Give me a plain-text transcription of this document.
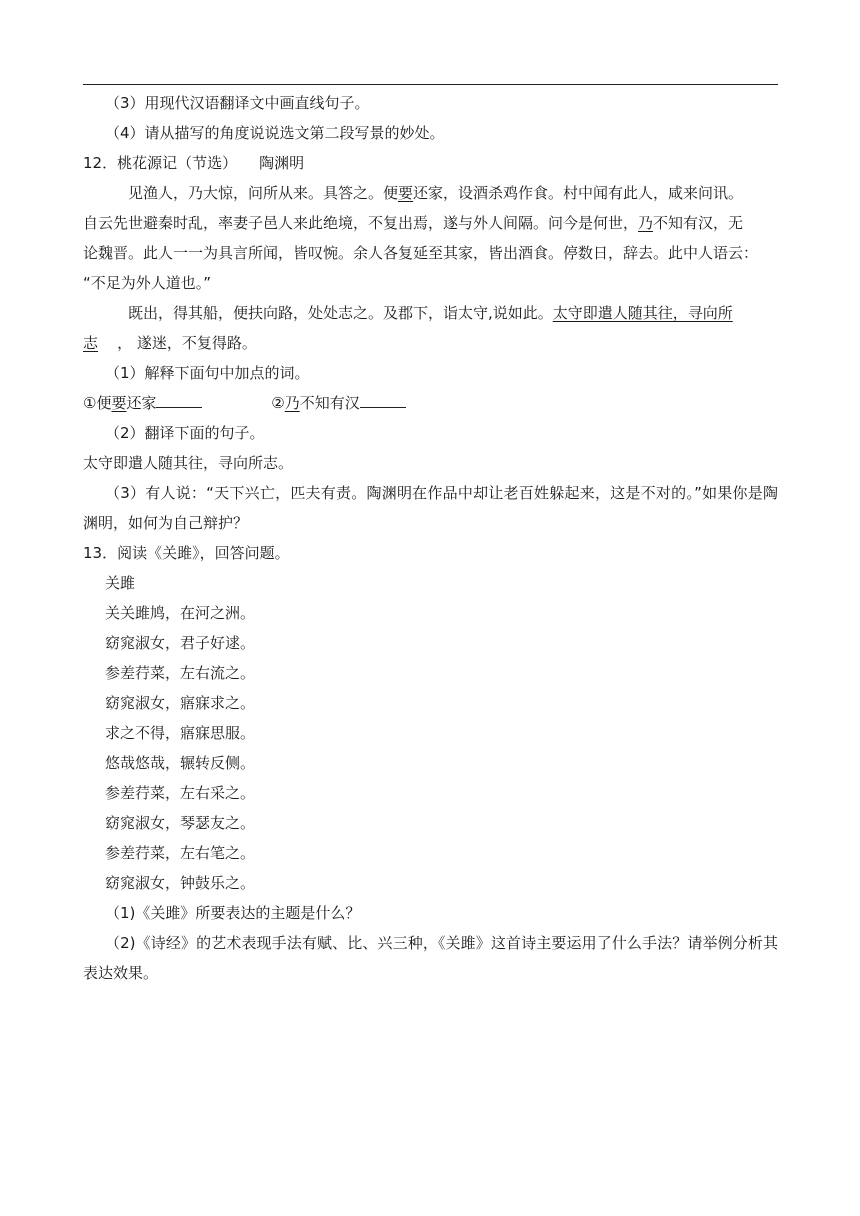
（3）用现代汉语翻译文中画直线句子。
（4）请从描写的角度说说选文第二段写景的妙处。
12．桃花源记（节选） 陶渊明
见渔人，乃大惊，问所从来。具答之。便要还家，设酒杀鸡作食。村中闻有此人，咸来问讯。
自云先世避秦时乱，率妻子邑人来此绝境，不复出焉，遂与外人间隔。问今是何世，乃不知有汉，无
论魏晋。此人一一为具言所闻，皆叹惋。余人各复延至其家，皆出酒食。停数日，辞去。此中人语云：
“不足为外人道也。”
既出，得其船，便扶向路，处处志之。及郡下，诣太守,说如此。太守即遣人随其往，寻向所
志 ， 遂迷，不复得路。
（1）解释下面句中加点的词。
①便要还家	②乃不知有汉
（2）翻译下面的句子。
太守即遣人随其往，寻向所志。
（3）有人说：“天下兴亡，匹夫有责。陶渊明在作品中却让老百姓躲起来，这是不对的。”如果你是陶渊明，如何为自己辩护？
13．阅读《关雎》，回答问题。
关雎
关关雎鸠，在河之洲。
窈窕淑女，君子好逑。
参差荇菜，左右流之。
窈窕淑女，寤寐求之。
求之不得，寤寐思服。
悠哉悠哉，辗转反侧。
参差荇菜，左右采之。
窈窕淑女，琴瑟友之。
参差荇菜，左右笔之。
窈窕淑女，钟鼓乐之。
（1)《关雎》所要表达的主题是什么？
（2)《诗经》的艺术表现手法有赋、比、兴三种，《关雎》这首诗主要运用了什么手法？请举例分析其表达效果。
